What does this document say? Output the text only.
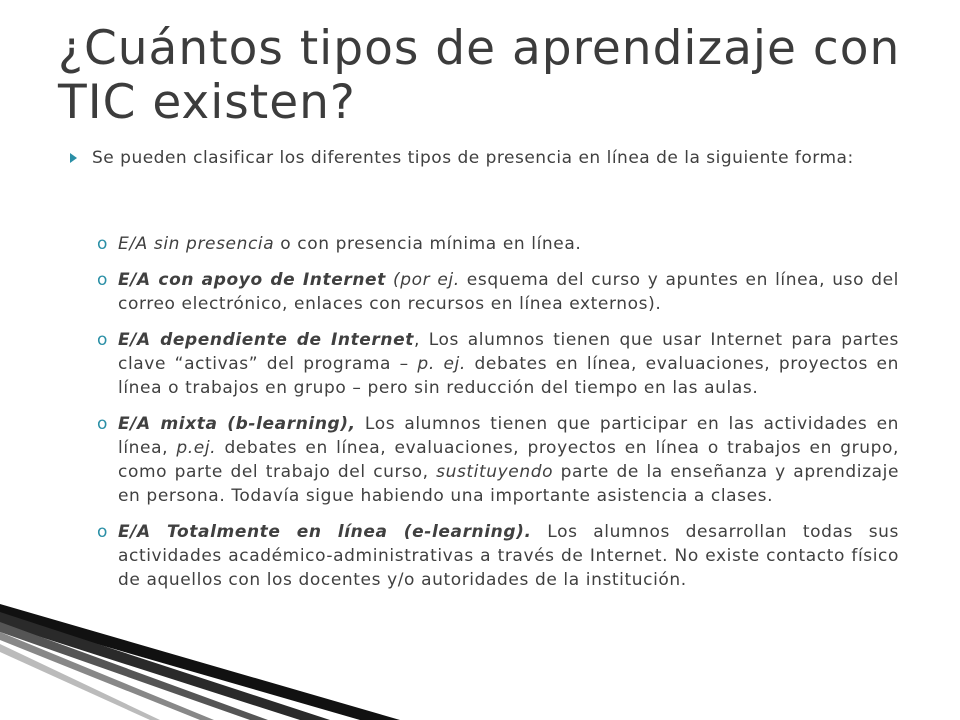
¿Cuántos tipos de aprendizaje con TIC existen?
Se pueden clasificar los diferentes tipos de presencia en línea de la siguiente forma:
o E/A sin presencia o con presencia mínima en línea.
o E/A con apoyo de Internet (por ej. esquema del curso y apuntes en línea, uso del correo electrónico, enlaces con recursos en línea externos).
o E/A dependiente de Internet, Los alumnos tienen que usar Internet para partes clave “activas” del programa – p. ej. debates en línea, evaluaciones, proyectos en línea o trabajos en grupo – pero sin reducción del tiempo en las aulas.
o E/A mixta (b-learning), Los alumnos tienen que participar en las actividades en línea, p.ej. debates en línea, evaluaciones, proyectos en línea o trabajos en grupo, como parte del trabajo del curso, sustituyendo parte de la enseñanza y aprendizaje en persona. Todavía sigue habiendo una importante asistencia a clases.
o E/A Totalmente en línea (e-learning). Los alumnos desarrollan todas sus actividades académico-administrativas a través de Internet. No existe contacto físico de aquellos con los docentes y/o autoridades de la institución.
